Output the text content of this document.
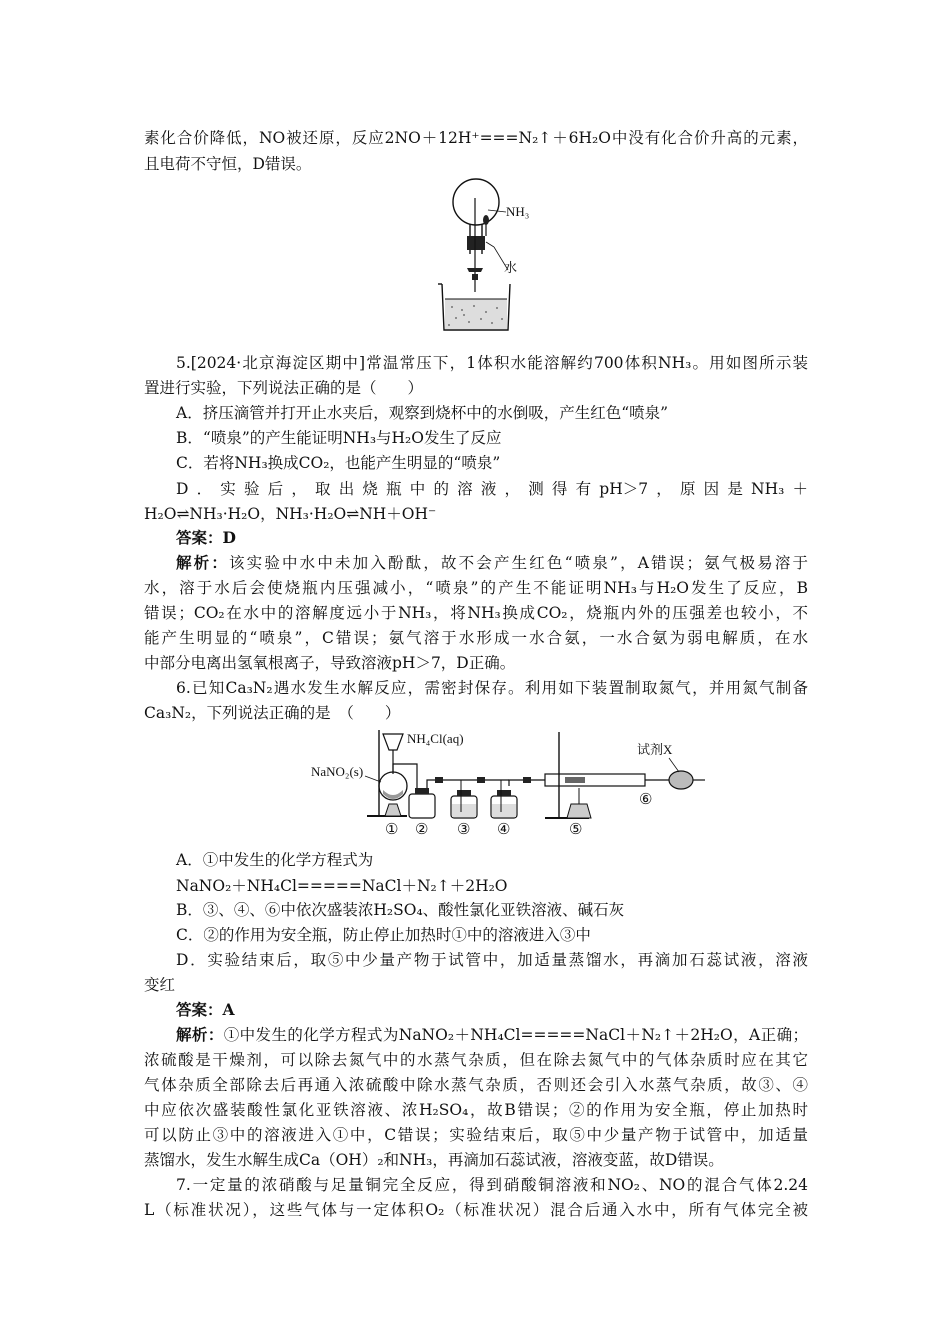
素化合价降低，NO被还原，反应2NO＋12H⁺===N₂↑＋6H₂O中没有化合价升高的元素，
且电荷不守恒，D错误。
NH₃
水
5.[2024·北京海淀区期中]常温常压下，1体积水能溶解约700体积NH₃。用如图所示装
置进行实验，下列说法正确的是（　　）
A．挤压滴管并打开止水夹后，观察到烧杯中的水倒吸，产生红色“喷泉”
B．“喷泉”的产生能证明NH₃与H₂O发生了反应
C．若将NH₃换成CO₂，也能产生明显的“喷泉”
D．实验后，取出烧瓶中的溶液，测得有pH＞7，原因是NH₃＋
H₂O⇌NH₃·H₂O，NH₃·H₂O⇌NH＋OH⁻
答案：D
解析：该实验中水中未加入酚酞，故不会产生红色“喷泉”，A错误；氨气极易溶于
水，溶于水后会使烧瓶内压强减小，“喷泉”的产生不能证明NH₃与H₂O发生了反应，B
错误；CO₂在水中的溶解度远小于NH₃，将NH₃换成CO₂，烧瓶内外的压强差也较小，不
能产生明显的“喷泉”，C错误；氨气溶于水形成一水合氨，一水合氨为弱电解质，在水
中部分电离出氢氧根离子，导致溶液pH＞7，D正确。
6.已知Ca₃N₂遇水发生水解反应，需密封保存。利用如下装置制取氮气，并用氮气制备
Ca₃N₂，下列说法正确的是　（　　）
NH₄Cl(aq)
NaNO₂(s)
试剂X
① ② ③ ④	⑤
⑥
A．①中发生的化学方程式为
NaNO₂＋NH₄Cl=====NaCl＋N₂↑＋2H₂O
B．③、④、⑥中依次盛装浓H₂SO₄、酸性氯化亚铁溶液、碱石灰
C．②的作用为安全瓶，防止停止加热时①中的溶液进入③中
D．实验结束后，取⑤中少量产物于试管中，加适量蒸馏水，再滴加石蕊试液，溶液
变红
答案：A
解析：①中发生的化学方程式为NaNO₂＋NH₄Cl=====NaCl＋N₂↑＋2H₂O，A正确；
浓硫酸是干燥剂，可以除去氮气中的水蒸气杂质，但在除去氮气中的气体杂质时应在其它
气体杂质全部除去后再通入浓硫酸中除水蒸气杂质，否则还会引入水蒸气杂质，故③、④
中应依次盛装酸性氯化亚铁溶液、浓H₂SO₄，故B错误；②的作用为安全瓶，停止加热时
可以防止③中的溶液进入①中，C错误；实验结束后，取⑤中少量产物于试管中，加适量
蒸馏水，发生水解生成Ca（OH）₂和NH₃，再滴加石蕊试液，溶液变蓝，故D错误。
7.一定量的浓硝酸与足量铜完全反应，得到硝酸铜溶液和NO₂、NO的混合气体2.24
L（标准状况），这些气体与一定体积O₂（标准状况）混合后通入水中，所有气体完全被
